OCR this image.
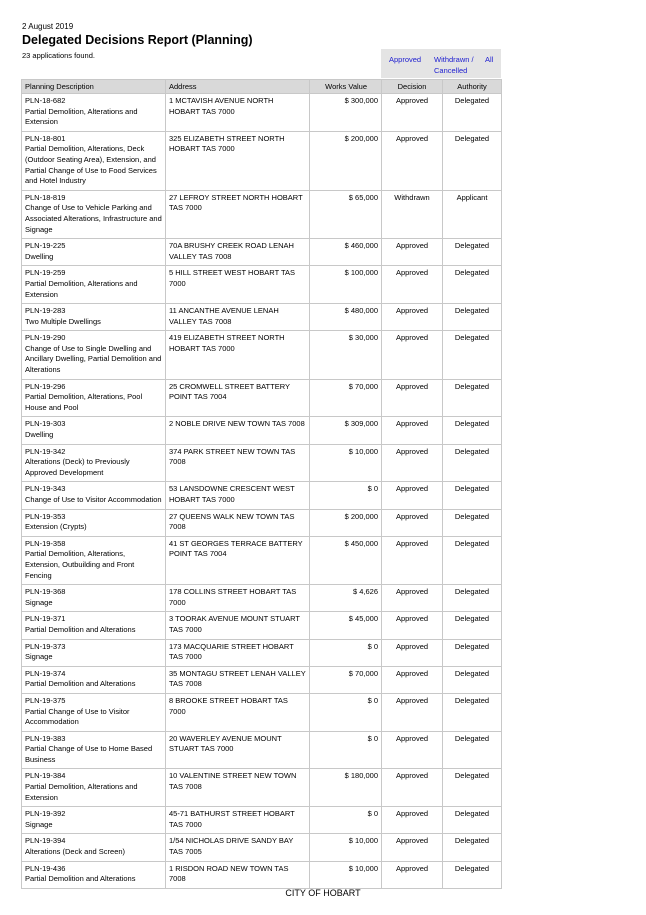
2 August 2019
Delegated Decisions Report (Planning)
23 applications found.	Approved Withdrawn / Cancelled
All
Planning Description	Address	Works Value	Decision	Authority

PLN-18-682
Partial Demolition, Alterations and Extension	1 MCTAVISH AVENUE NORTH HOBART TAS 7000	$ 300,000	Approved	Delegated

PLN-18-801
Partial Demolition, Alterations, Deck (Outdoor Seating Area), Extension, and Partial Change of Use to Food Services and Hotel Industry	325 ELIZABETH STREET NORTH HOBART TAS 7000	$ 200,000	Approved	Delegated

PLN-18-819
Change of Use to Vehicle Parking and Associated Alterations, Infrastructure and Signage	27 LEFROY STREET NORTH HOBART TAS 7000	$ 65,000	Withdrawn	Applicant

PLN-19-225
Dwelling	70A BRUSHY CREEK ROAD LENAH VALLEY TAS 7008	$ 460,000	Approved	Delegated

PLN-19-259
Partial Demolition, Alterations and Extension	5 HILL STREET WEST HOBART TAS 7000	$ 100,000	Approved	Delegated

PLN-19-283
Two Multiple Dwellings	11 ANCANTHE AVENUE LENAH VALLEY TAS 7008	$ 480,000	Approved	Delegated

PLN-19-290
Change of Use to Single Dwelling and Ancillary Dwelling, Partial Demolition and Alterations	419 ELIZABETH STREET NORTH HOBART TAS 7000	$ 30,000	Approved	Delegated

PLN-19-296
Partial Demolition, Alterations, Pool House and Pool	25 CROMWELL STREET BATTERY POINT TAS 7004	$ 70,000	Approved	Delegated

PLN-19-303
Dwelling	2 NOBLE DRIVE NEW TOWN TAS 7008	$ 309,000	Approved	Delegated

PLN-19-342
Alterations (Deck) to Previously Approved Development	374 PARK STREET NEW TOWN TAS 7008	$ 10,000	Approved	Delegated

PLN-19-343
Change of Use to Visitor Accommodation	53 LANSDOWNE CRESCENT WEST HOBART TAS 7000	$ 0	Approved	Delegated

PLN-19-353
Extension (Crypts)	27 QUEENS WALK NEW TOWN TAS 7008	$ 200,000	Approved	Delegated

PLN-19-358
Partial Demolition, Alterations, Extension, Outbuilding and Front Fencing	41 ST GEORGES TERRACE BATTERY POINT TAS 7004	$ 450,000	Approved	Delegated

PLN-19-368
Signage	178 COLLINS STREET HOBART TAS 7000	$ 4,626	Approved	Delegated

PLN-19-371
Partial Demolition and Alterations	3 TOORAK AVENUE MOUNT STUART TAS 7000	$ 45,000	Approved	Delegated

PLN-19-373
Signage	173 MACQUARIE STREET HOBART TAS 7000	$ 0	Approved	Delegated

PLN-19-374
Partial Demolition and Alterations	35 MONTAGU STREET LENAH VALLEY TAS 7008	$ 70,000	Approved	Delegated

PLN-19-375
Partial Change of Use to Visitor Accommodation	8 BROOKE STREET HOBART TAS 7000	$ 0	Approved	Delegated

PLN-19-383
Partial Change of Use to Home Based Business	20 WAVERLEY AVENUE MOUNT STUART TAS 7000	$ 0	Approved	Delegated

PLN-19-384
Partial Demolition, Alterations and Extension	10 VALENTINE STREET NEW TOWN TAS 7008	$ 180,000	Approved	Delegated

PLN-19-392
Signage	45-71 BATHURST STREET HOBART TAS 7000	$ 0	Approved	Delegated

PLN-19-394
Alterations (Deck and Screen)	1/54 NICHOLAS DRIVE SANDY BAY TAS 7005	$ 10,000	Approved	Delegated

PLN-19-436
Partial Demolition and Alterations	1 RISDON ROAD NEW TOWN TAS 7008	$ 10,000	Approved	Delegated
CITY OF HOBART
